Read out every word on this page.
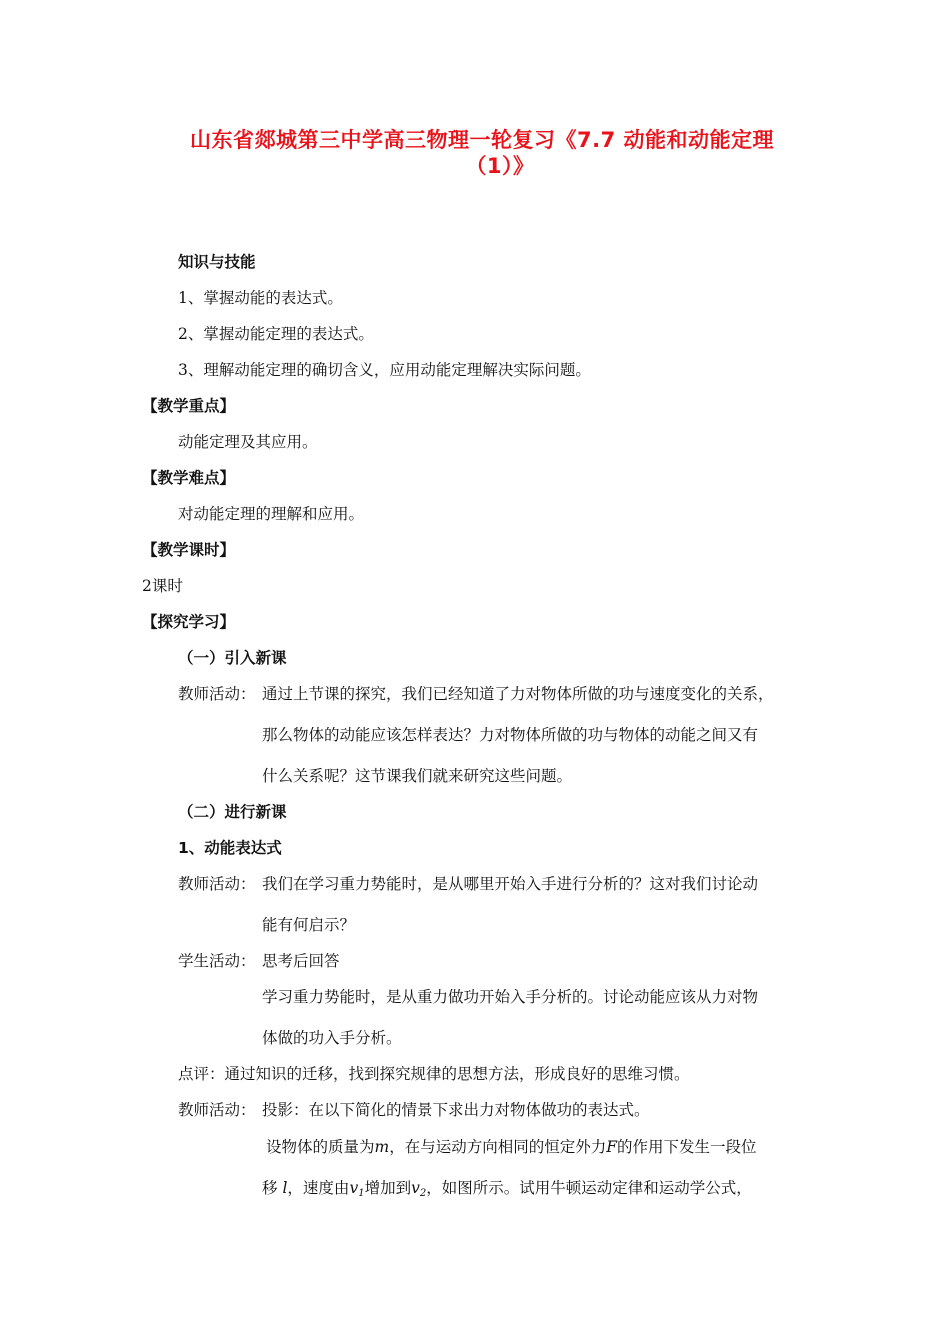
山东省郯城第三中学高三物理一轮复习《7.7 动能和动能定理
（1）》
知识与技能
1、掌握动能的表达式。
2、掌握动能定理的表达式。
3、理解动能定理的确切含义，应用动能定理解决实际问题。
【教学重点】
动能定理及其应用。
【教学难点】
对动能定理的理解和应用。
【教学课时】
2课时
【探究学习】
（一）引入新课
教师活动： 通过上节课的探究，我们已经知道了力对物体所做的功与速度变化的关系，
那么物体的动能应该怎样表达？力对物体所做的功与物体的动能之间又有
什么关系呢？这节课我们就来研究这些问题。
（二）进行新课
1、动能表达式
教师活动： 我们在学习重力势能时，是从哪里开始入手进行分析的？这对我们讨论动
能有何启示？
学生活动： 思考后回答
学习重力势能时，是从重力做功开始入手分析的。讨论动能应该从力对物
体做的功入手分析。
点评：通过知识的迁移，找到探究规律的思想方法，形成良好的思维习惯。
教师活动： 投影：在以下简化的情景下求出力对物体做功的表达式。
设物体的质量为m，在与运动方向相同的恒定外力F的作用下发生一段位
移 l，速度由$v_1$增加到$v_2$，如图所示。试用牛顿运动定律和运动学公式，
